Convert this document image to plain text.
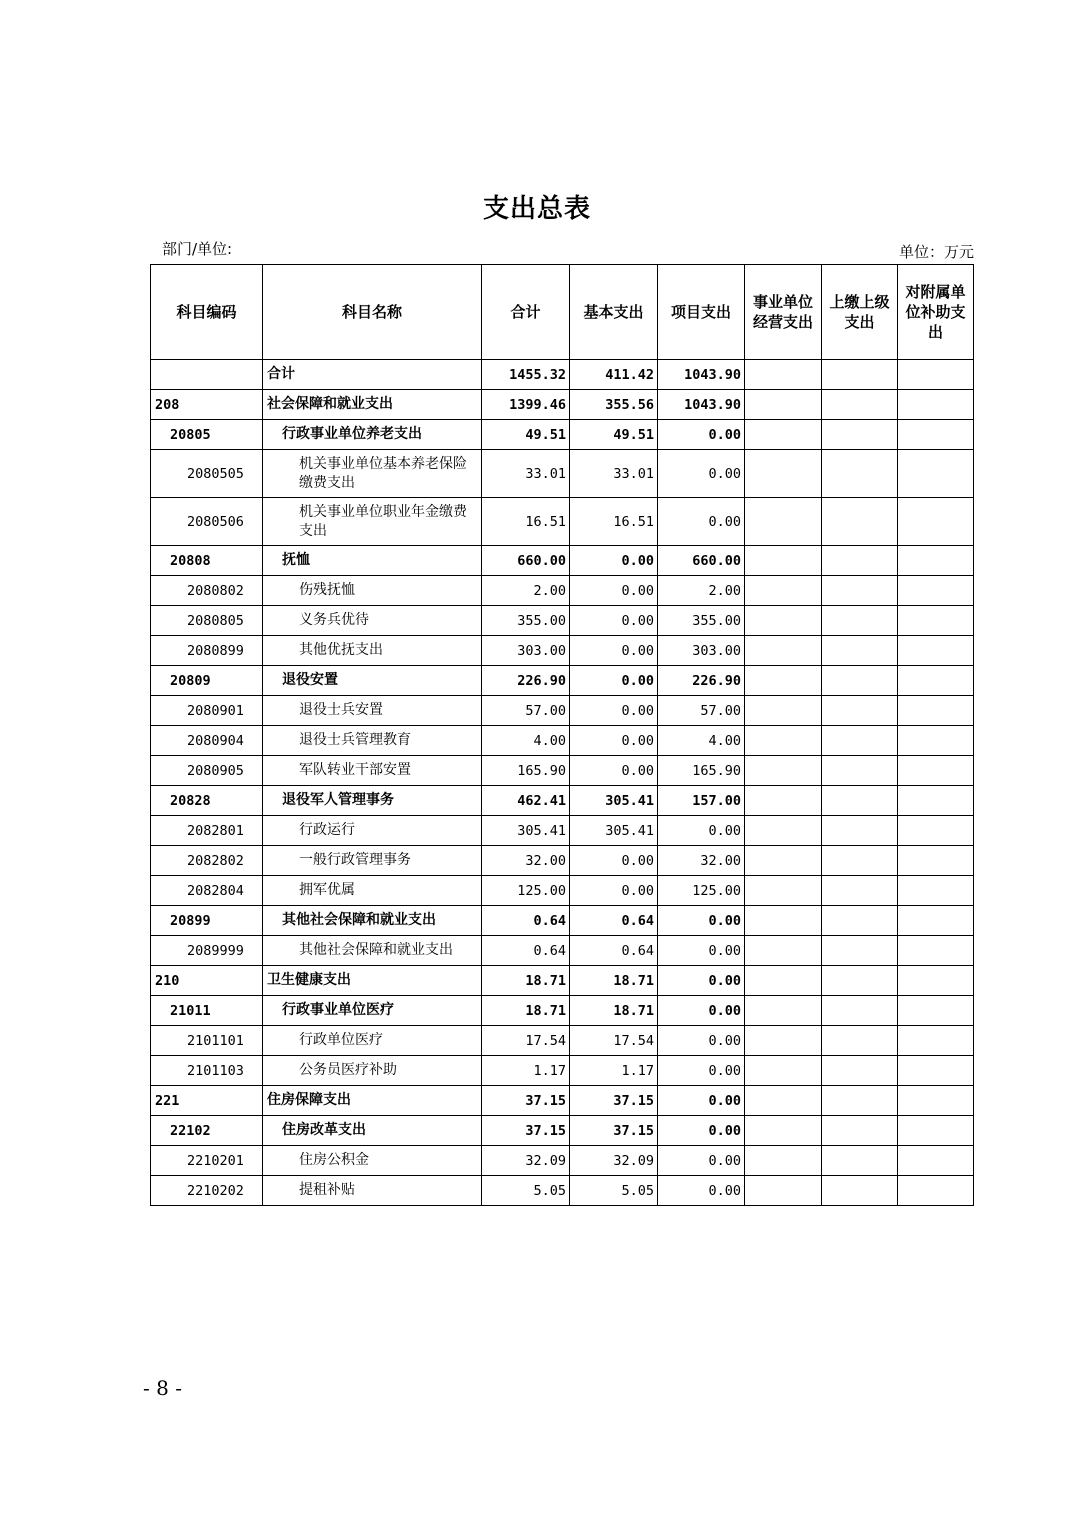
支出总表
部门/单位:	单位：万元
科目编码	科目名称	合计	基本支出	项目支出	事业单位经营支出	上缴上级支出	对附属单位补助支出
	合计	1455.32	411.42	1043.90			
208	社会保障和就业支出	1399.46	355.56	1043.90			
20805	行政事业单位养老支出	49.51	49.51	0.00			
2080505	机关事业单位基本养老保险缴费支出	33.01	33.01	0.00			
2080506	机关事业单位职业年金缴费支出	16.51	16.51	0.00			
20808	抚恤	660.00	0.00	660.00			
2080802	伤残抚恤	2.00	0.00	2.00			
2080805	义务兵优待	355.00	0.00	355.00			
2080899	其他优抚支出	303.00	0.00	303.00			
20809	退役安置	226.90	0.00	226.90			
2080901	退役士兵安置	57.00	0.00	57.00			
2080904	退役士兵管理教育	4.00	0.00	4.00			
2080905	军队转业干部安置	165.90	0.00	165.90			
20828	退役军人管理事务	462.41	305.41	157.00			
2082801	行政运行	305.41	305.41	0.00			
2082802	一般行政管理事务	32.00	0.00	32.00			
2082804	拥军优属	125.00	0.00	125.00			
20899	其他社会保障和就业支出	0.64	0.64	0.00			
2089999	其他社会保障和就业支出	0.64	0.64	0.00			
210	卫生健康支出	18.71	18.71	0.00			
21011	行政事业单位医疗	18.71	18.71	0.00			
2101101	行政单位医疗	17.54	17.54	0.00			
2101103	公务员医疗补助	1.17	1.17	0.00			
221	住房保障支出	37.15	37.15	0.00			
22102	住房改革支出	37.15	37.15	0.00			
2210201	住房公积金	32.09	32.09	0.00			
2210202	提租补贴	5.05	5.05	0.00			
- 8 -
